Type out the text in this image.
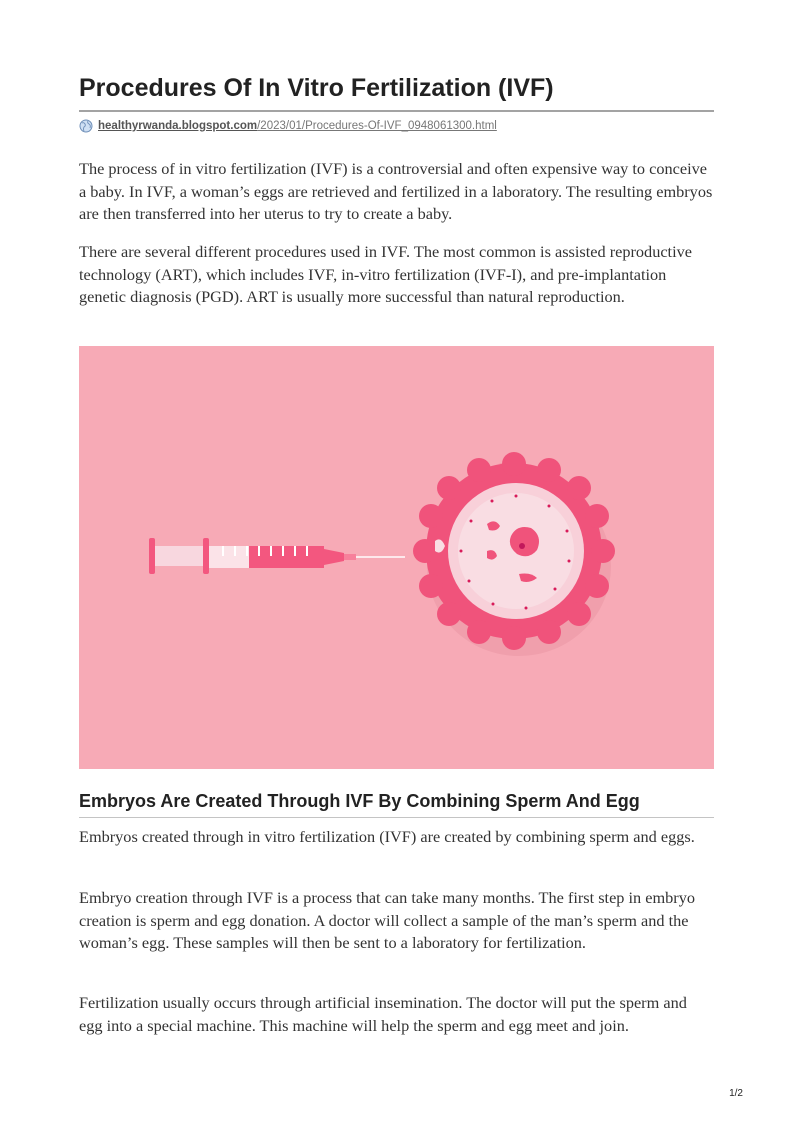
Procedures Of In Vitro Fertilization (IVF)
healthyrwanda.blogspot.com /2023/01/Procedures-Of-IVF_0948061300.html

The process of in vitro fertilization (IVF) is a controversial and often expensive way to conceive a baby. In IVF, a woman’s eggs are retrieved and fertilized in a laboratory. The resulting embryos are then transferred into her uterus to try to create a baby.

There are several different procedures used in IVF. The most common is assisted reproductive technology (ART), which includes IVF, in-vitro fertilization (IVF-I), and pre-implantation genetic diagnosis (PGD). ART is usually more successful than natural reproduction.

Embryos Are Created Through IVF By Combining Sperm And Egg

Embryos created through in vitro fertilization (IVF) are created by combining sperm and eggs.

Embryo creation through IVF is a process that can take many months. The first step in embryo creation is sperm and egg donation. A doctor will collect a sample of the man’s sperm and the woman’s egg. These samples will then be sent to a laboratory for fertilization.

Fertilization usually occurs through artificial insemination. The doctor will put the sperm and egg into a special machine. This machine will help the sperm and egg meet and join.

1/2
